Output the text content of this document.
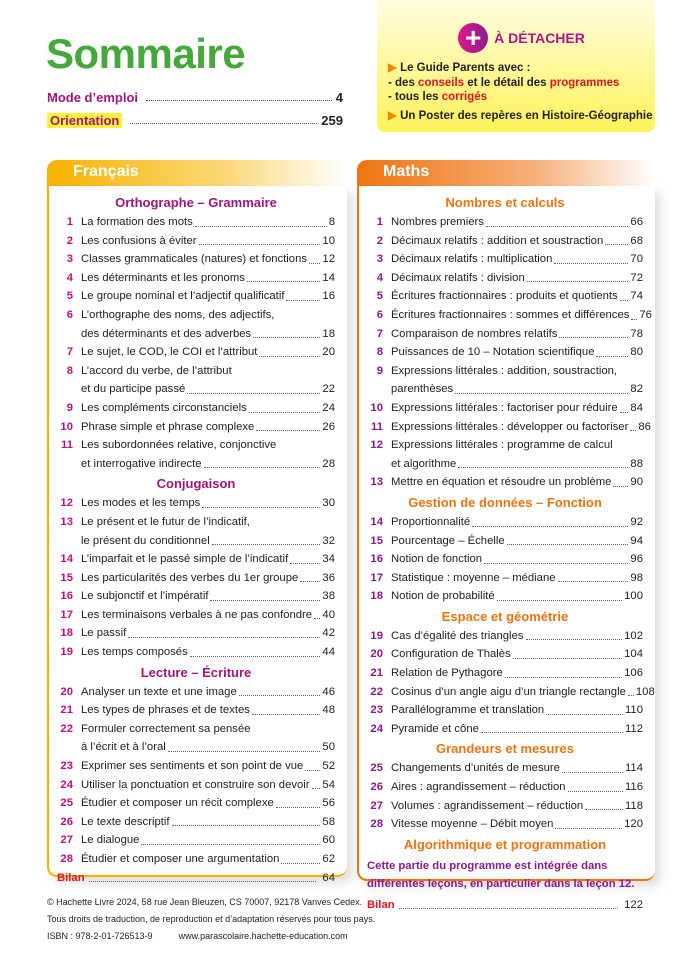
Sommaire
Mode d’emploi	4
Orientation	259
+ À DÉTACHER
▶ Le Guide Parents avec :
- des conseils et le détail des programmes
- tous les corrigés
▶ Un Poster des repères en Histoire-Géographie
Français
Orthographe – Grammaire
1 La formation des mots	8
2 Les confusions à éviter	10
3 Classes grammaticales (natures) et fonctions 12
4 Les déterminants et les pronoms	14
5 Le groupe nominal et l’adjectif qualificatif	16
6 L’orthographe des noms, des adjectifs,
des déterminants et des adverbes	18
7 Le sujet, le COD, le COI et l’attribut	20
8 L’accord du verbe, de l’attribut
et du participe passé	22
9 Les compléments circonstanciels	24
10 Phrase simple et phrase complexe	26
11 Les subordonnées relative, conjonctive
et interrogative indirecte	28
Conjugaison
12 Les modes et les temps	30
13 Le présent et le futur de l’indicatif,
le présent du conditionnel	32
14 L’imparfait et le passé simple de l’indicatif	34
15 Les particularités des verbes du 1er groupe 36
16 Le subjonctif et l’impératif	38
17 Les terminaisons verbales à ne pas confondre 40
18 Le passif	42
19 Les temps composés	44
Lecture – Écriture
20 Analyser un texte et une image	46
21 Les types de phrases et de textes	48
22 Formuler correctement sa pensée
à l’écrit et à l’oral	50
23 Exprimer ses sentiments et son point de vue 52
24 Utiliser la ponctuation et construire son devoir 54
25 Étudier et composer un récit complexe	56
26 Le texte descriptif	58
27 Le dialogue	60
28 Étudier et composer une argumentation	62
Bilan	64
Maths
Nombres et calculs
1 Nombres premiers	66
2 Décimaux relatifs : addition et soustraction 68
3 Décimaux relatifs : multiplication	70
4 Décimaux relatifs : division	72
5 Écritures fractionnaires : produits et quotients 74
6 Écritures fractionnaires : sommes et différences 76
7 Comparaison de nombres relatifs	78
8 Puissances de 10 – Notation scientifique	80
9 Expressions littérales : addition, soustraction,
parenthèses	82
10 Expressions littérales : factoriser pour réduire 84
11 Expressions littérales : développer ou factoriser 86
12 Expressions littérales : programme de calcul
et algorithme	88
13 Mettre en équation et résoudre un problème 90
Gestion de données – Fonction
14 Proportionnalité	92
15 Pourcentage – Échelle	94
16 Notion de fonction	96
17 Statistique : moyenne – médiane	98
18 Notion de probabilité	100
Espace et géométrie
19 Cas d’égalité des triangles	102
20 Configuration de Thalès	104
21 Relation de Pythagore	106
22 Cosinus d’un angle aigu d’un triangle rectangle 108
23 Parallélogramme et translation	110
24 Pyramide et cône	112
Grandeurs et mesures
25 Changements d’unités de mesure	114
26 Aires : agrandissement – réduction	116
27 Volumes : agrandissement – réduction	118
28 Vitesse moyenne – Débit moyen	120
Algorithmique et programmation
Cette partie du programme est intégrée dans différentes leçons, en particulier dans la leçon 12.
Bilan	122
© Hachette Livre 2024, 58 rue Jean Bleuzen, CS 70007, 92178 Vanves Cedex.
Tous droits de traduction, de reproduction et d’adaptation réservés pour tous pays.
ISBN : 978-2-01-726513-9	www.parascolaire.hachette-education.com
